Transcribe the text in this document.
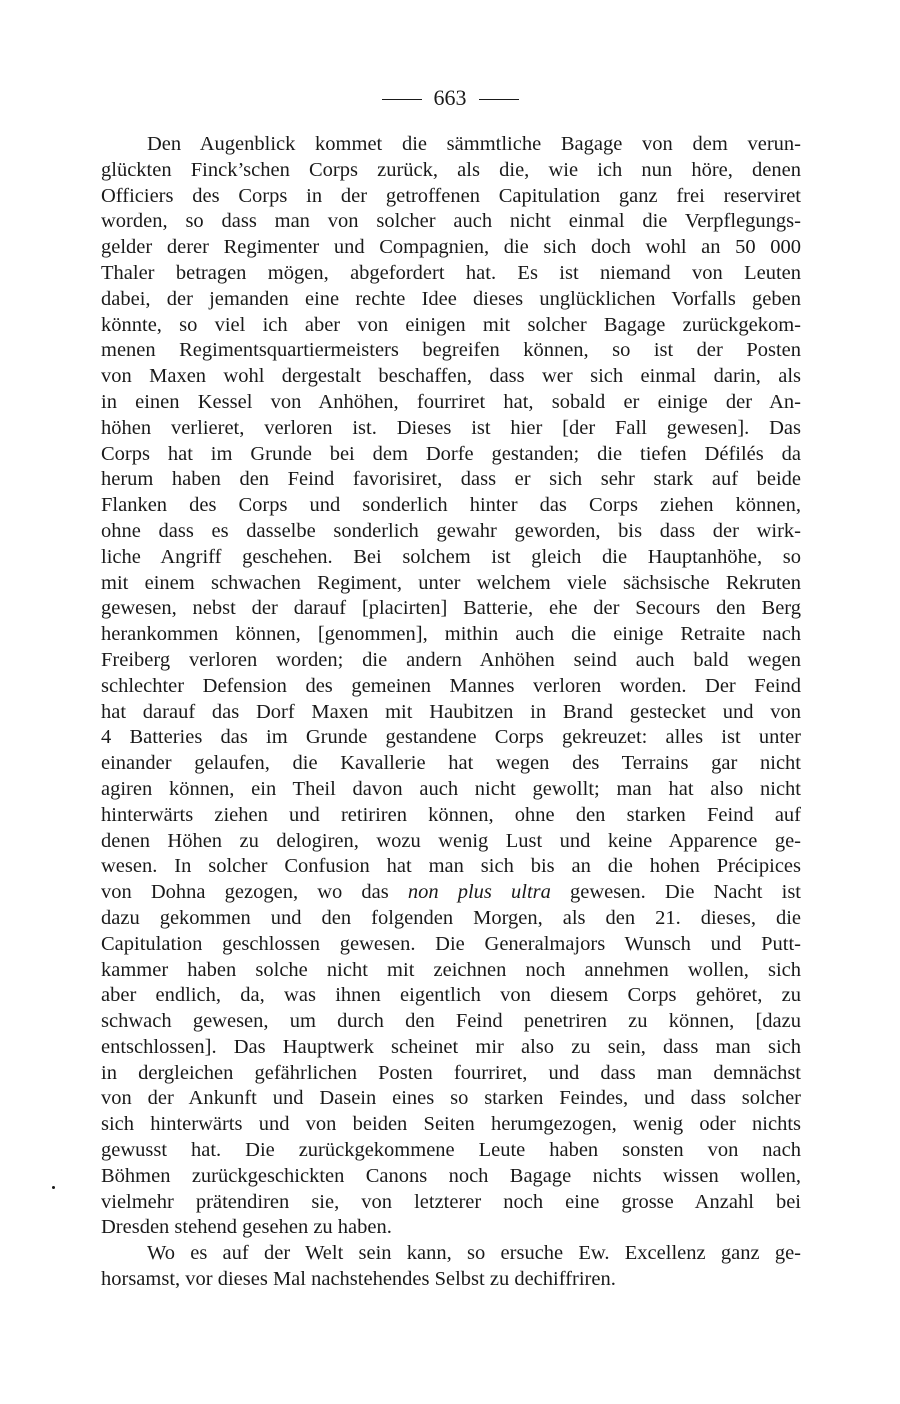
663
Den Augenblick kommet die sämmtliche Bagage von dem verun-
glückten Finck’schen Corps zurück, als die, wie ich nun höre, denen
Officiers des Corps in der getroffenen Capitulation ganz frei reserviret
worden, so dass man von solcher auch nicht einmal die Verpflegungs-
gelder derer Regimenter und Compagnien, die sich doch wohl an 50 000
Thaler betragen mögen, abgefordert hat. Es ist niemand von Leuten
dabei, der jemanden eine rechte Idee dieses unglücklichen Vorfalls geben
könnte, so viel ich aber von einigen mit solcher Bagage zurückgekom-
menen Regimentsquartiermeisters begreifen können, so ist der Posten
von Maxen wohl dergestalt beschaffen, dass wer sich einmal darin, als
in einen Kessel von Anhöhen, fourriret hat, sobald er einige der An-
höhen verlieret, verloren ist. Dieses ist hier [der Fall gewesen]. Das
Corps hat im Grunde bei dem Dorfe gestanden; die tiefen Défilés da
herum haben den Feind favorisiret, dass er sich sehr stark auf beide
Flanken des Corps und sonderlich hinter das Corps ziehen können,
ohne dass es dasselbe sonderlich gewahr geworden, bis dass der wirk-
liche Angriff geschehen. Bei solchem ist gleich die Hauptanhöhe, so
mit einem schwachen Regiment, unter welchem viele sächsische Rekruten
gewesen, nebst der darauf [placirten] Batterie, ehe der Secours den Berg
herankommen können, [genommen], mithin auch die einige Retraite nach
Freiberg verloren worden; die andern Anhöhen seind auch bald wegen
schlechter Defension des gemeinen Mannes verloren worden. Der Feind
hat darauf das Dorf Maxen mit Haubitzen in Brand gestecket und von
4 Batteries das im Grunde gestandene Corps gekreuzet: alles ist unter
einander gelaufen, die Kavallerie hat wegen des Terrains gar nicht
agiren können, ein Theil davon auch nicht gewollt; man hat also nicht
hinterwärts ziehen und retiriren können, ohne den starken Feind auf
denen Höhen zu delogiren, wozu wenig Lust und keine Apparence ge-
wesen. In solcher Confusion hat man sich bis an die hohen Précipices
von Dohna gezogen, wo das non plus ultra gewesen. Die Nacht ist
dazu gekommen und den folgenden Morgen, als den 21. dieses, die
Capitulation geschlossen gewesen. Die Generalmajors Wunsch und Putt-
kammer haben solche nicht mit zeichnen noch annehmen wollen, sich
aber endlich, da, was ihnen eigentlich von diesem Corps gehöret, zu
schwach gewesen, um durch den Feind penetriren zu können, [dazu
entschlossen]. Das Hauptwerk scheinet mir also zu sein, dass man sich
in dergleichen gefährlichen Posten fourriret, und dass man demnächst
von der Ankunft und Dasein eines so starken Feindes, und dass solcher
sich hinterwärts und von beiden Seiten herumgezogen, wenig oder nichts
gewusst hat. Die zurückgekommene Leute haben sonsten von nach
Böhmen zurückgeschickten Canons noch Bagage nichts wissen wollen,
vielmehr prätendiren sie, von letzterer noch eine grosse Anzahl bei
Dresden stehend gesehen zu haben.
Wo es auf der Welt sein kann, so ersuche Ew. Excellenz ganz ge-
horsamst, vor dieses Mal nachstehendes Selbst zu dechiffriren.
